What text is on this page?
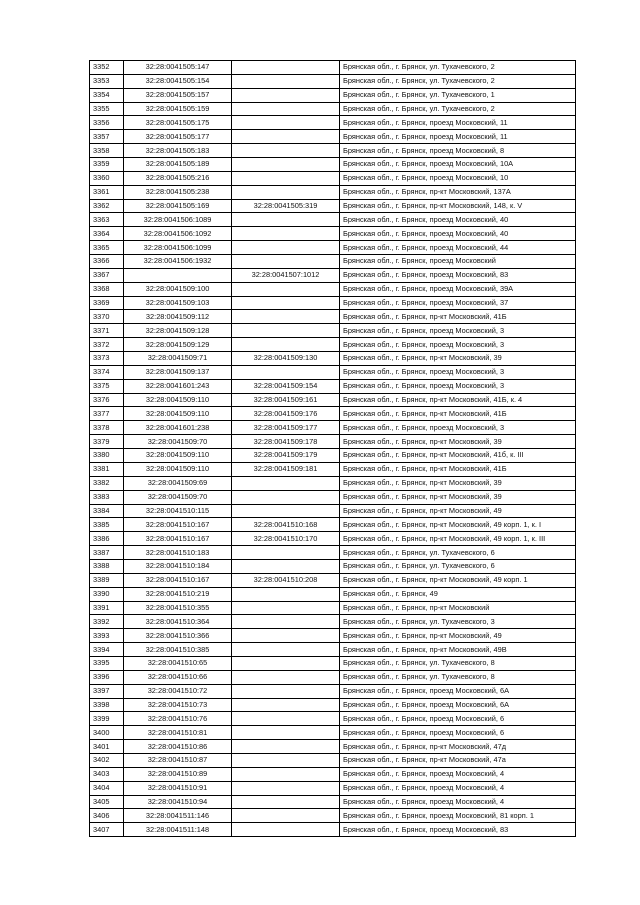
3352	32:28:0041505:147		Брянская обл., г. Брянск, ул. Тухачевского, 2
3353	32:28:0041505:154		Брянская обл., г. Брянск, ул. Тухачевского, 2
3354	32:28:0041505:157		Брянская обл., г. Брянск, ул. Тухачевского, 1
3355	32:28:0041505:159		Брянская обл., г. Брянск, ул. Тухачевского, 2
3356	32:28:0041505:175		Брянская обл., г. Брянск, проезд Московский, 11
3357	32:28:0041505:177		Брянская обл., г. Брянск, проезд Московский, 11
3358	32:28:0041505:183		Брянская обл., г. Брянск, проезд Московский, 8
3359	32:28:0041505:189		Брянская обл., г. Брянск, проезд Московский, 10А
3360	32:28:0041505:216		Брянская обл., г. Брянск, проезд Московский, 10
3361	32:28:0041505:238		Брянская обл., г. Брянск, пр-кт Московский, 137А
3362	32:28:0041505:169	32:28:0041505:319	Брянская обл., г. Брянск, пр-кт Московский, 148, к. V
3363	32:28:0041506:1089		Брянская обл., г. Брянск, проезд Московский, 40
3364	32:28:0041506:1092		Брянская обл., г. Брянск, проезд Московский, 40
3365	32:28:0041506:1099		Брянская обл., г. Брянск, проезд Московский, 44
3366	32:28:0041506:1932		Брянская обл., г. Брянск, проезд Московский
3367		32:28:0041507:1012	Брянская обл., г. Брянск, проезд Московский, 83
3368	32:28:0041509:100		Брянская обл., г. Брянск, проезд Московский, 39А
3369	32:28:0041509:103		Брянская обл., г. Брянск, проезд Московский, 37
3370	32:28:0041509:112		Брянская обл., г. Брянск, пр-кт Московский, 41Б
3371	32:28:0041509:128		Брянская обл., г. Брянск, проезд Московский, 3
3372	32:28:0041509:129		Брянская обл., г. Брянск, проезд Московский, 3
3373	32:28:0041509:71	32:28:0041509:130	Брянская обл., г. Брянск, пр-кт Московский, 39
3374	32:28:0041509:137		Брянская обл., г. Брянск, проезд Московский, 3
3375	32:28:0041601:243	32:28:0041509:154	Брянская обл., г. Брянск, проезд Московский, 3
3376	32:28:0041509:110	32:28:0041509:161	Брянская обл., г. Брянск, пр-кт Московский, 41Б, к. 4
3377	32:28:0041509:110	32:28:0041509:176	Брянская обл., г. Брянск, пр-кт Московский, 41Б
3378	32:28:0041601:238	32:28:0041509:177	Брянская обл., г. Брянск, проезд Московский, 3
3379	32:28:0041509:70	32:28:0041509:178	Брянская обл., г. Брянск, пр-кт Московский, 39
3380	32:28:0041509:110	32:28:0041509:179	Брянская обл., г. Брянск, пр-кт Московский, 41б, к. III
3381	32:28:0041509:110	32:28:0041509:181	Брянская обл., г. Брянск, пр-кт Московский, 41Б
3382	32:28:0041509:69		Брянская обл., г. Брянск, пр-кт Московский, 39
3383	32:28:0041509:70		Брянская обл., г. Брянск, пр-кт Московский, 39
3384	32:28:0041510:115		Брянская обл., г. Брянск, пр-кт Московский, 49
3385	32:28:0041510:167	32:28:0041510:168	Брянская обл., г. Брянск, пр-кт Московский, 49 корп. 1, к. I
3386	32:28:0041510:167	32:28:0041510:170	Брянская обл., г. Брянск, пр-кт Московский, 49 корп. 1, к. III
3387	32:28:0041510:183		Брянская обл., г. Брянск, ул. Тухачевского, 6
3388	32:28:0041510:184		Брянская обл., г. Брянск, ул. Тухачевского, 6
3389	32:28:0041510:167	32:28:0041510:208	Брянская обл., г. Брянск, пр-кт Московский, 49 корп. 1
3390	32:28:0041510:219		Брянская обл., г. Брянск, 49
3391	32:28:0041510:355		Брянская обл., г. Брянск, пр-кт Московский
3392	32:28:0041510:364		Брянская обл., г. Брянск, ул. Тухачевского, 3
3393	32:28:0041510:366		Брянская обл., г. Брянск, пр-кт Московский, 49
3394	32:28:0041510:385		Брянская обл., г. Брянск, пр-кт Московский, 49В
3395	32:28:0041510:65		Брянская обл., г. Брянск, ул. Тухачевского, 8
3396	32:28:0041510:66		Брянская обл., г. Брянск, ул. Тухачевского, 8
3397	32:28:0041510:72		Брянская обл., г. Брянск, проезд Московский, 6А
3398	32:28:0041510:73		Брянская обл., г. Брянск, проезд Московский, 6А
3399	32:28:0041510:76		Брянская обл., г. Брянск, проезд Московский, 6
3400	32:28:0041510:81		Брянская обл., г. Брянск, проезд Московский, 6
3401	32:28:0041510:86		Брянская обл., г. Брянск, пр-кт Московский, 47д
3402	32:28:0041510:87		Брянская обл., г. Брянск, пр-кт Московский, 47а
3403	32:28:0041510:89		Брянская обл., г. Брянск, проезд Московский, 4
3404	32:28:0041510:91		Брянская обл., г. Брянск, проезд Московский, 4
3405	32:28:0041510:94		Брянская обл., г. Брянск, проезд Московский, 4
3406	32:28:0041511:146		Брянская обл., г. Брянск, проезд Московский, 81 корп. 1
3407	32:28:0041511:148		Брянская обл., г. Брянск, проезд Московский, 83
